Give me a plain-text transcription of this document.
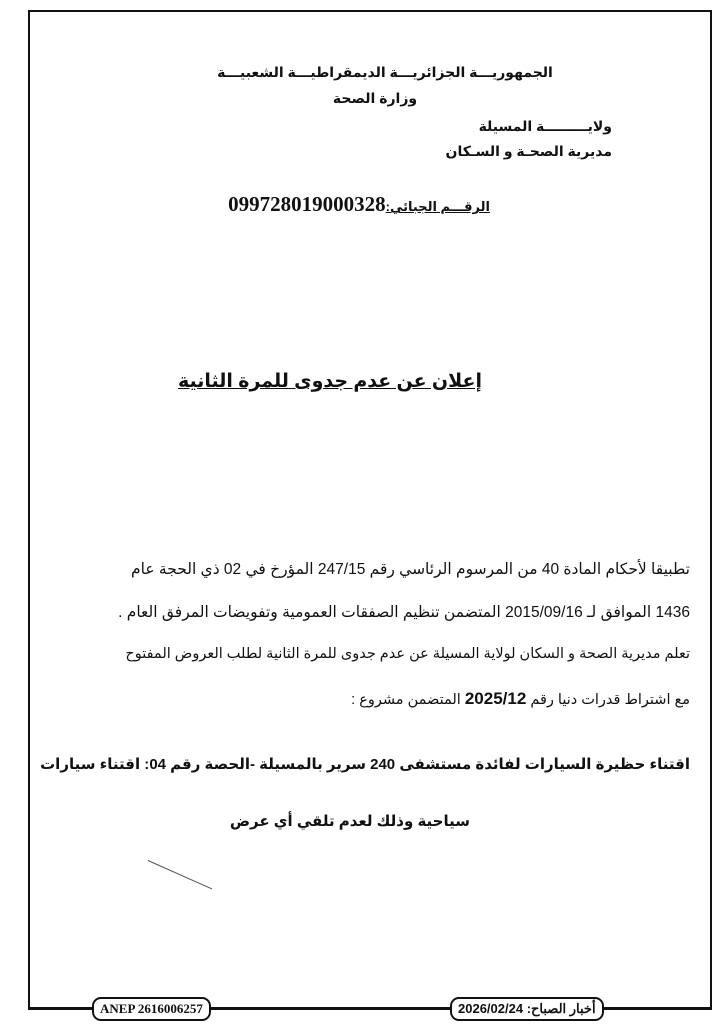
الجمهوريـــة الجزائريـــة الديمقراطيـــة الشعبيـــة
وزارة الصحة
ولايـــــــــة المسيلة
مديرية الصحـة و السـكان
الرقـــم الجبائي:099728019000328
إعلان عن عدم جدوى للمرة الثانية
تطبيقا لأحكام المادة 40 من المرسوم الرئاسي رقم 247/15 المؤرخ في 02 ذي الحجة عام
1436 الموافق لـ 2015/09/16 المتضمن تنظيم الصفقات العمومية وتفويضات المرفق العام .
تعلم مديرية الصحة و السكان لولاية المسيلة عن عدم جدوى للمرة الثانية لطلب العروض المفتوح
مع اشتراط قدرات دنيا رقم 2025/12 المتضمن مشروع :
اقتناء حظيرة السيارات لفائدة مستشفى 240 سرير بالمسيلة -الحصة رقم 04: اقتناء سيارات
سياحية وذلك لعدم تلقي أي عرض
ANEP 2616006257	أخبار الصباح: 2026/02/24
